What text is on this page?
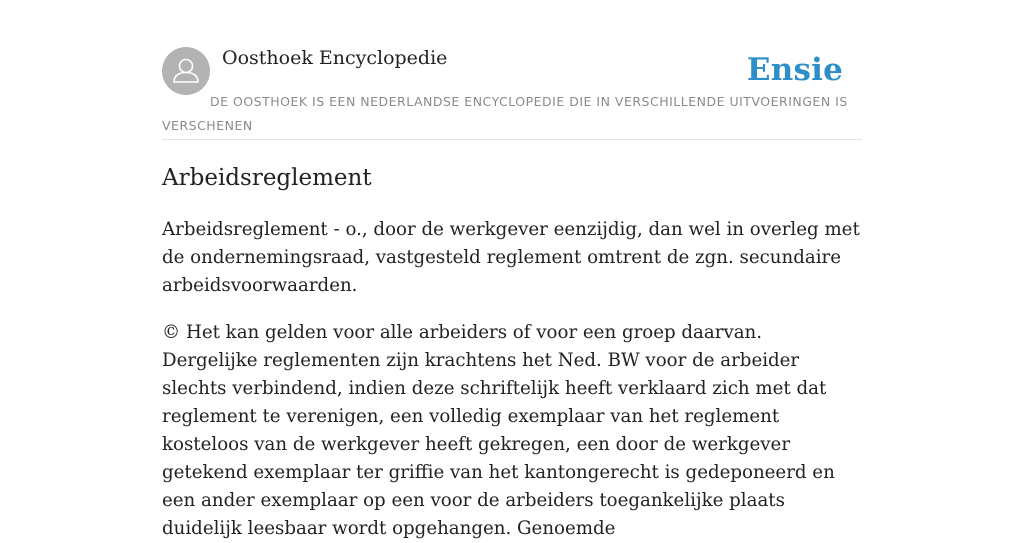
Oosthoek Encyclopedie	Ensie
DE OOSTHOEK IS EEN NEDERLANDSE ENCYCLOPEDIE DIE IN VERSCHILLENDE UITVOERINGEN IS VERSCHENEN
Arbeidsreglement

Arbeidsreglement - o., door de werkgever eenzijdig, dan wel in overleg met de ondernemingsraad, vastgesteld reglement omtrent de zgn. secundaire arbeidsvoorwaarden.

© Het kan gelden voor alle arbeiders of voor een groep daarvan. Dergelijke reglementen zijn krachtens het Ned. BW voor de arbeider slechts verbindend, indien deze schriftelijk heeft verklaard zich met dat reglement te verenigen, een volledig exemplaar van het reglement kosteloos van de werkgever heeft gekregen, een door de werkgever getekend exemplaar ter griffie van het kantongerecht is gedeponeerd en een ander exemplaar op een voor de arbeiders toegankelijke plaats duidelijk leesbaar wordt opgehangen. Genoemde
